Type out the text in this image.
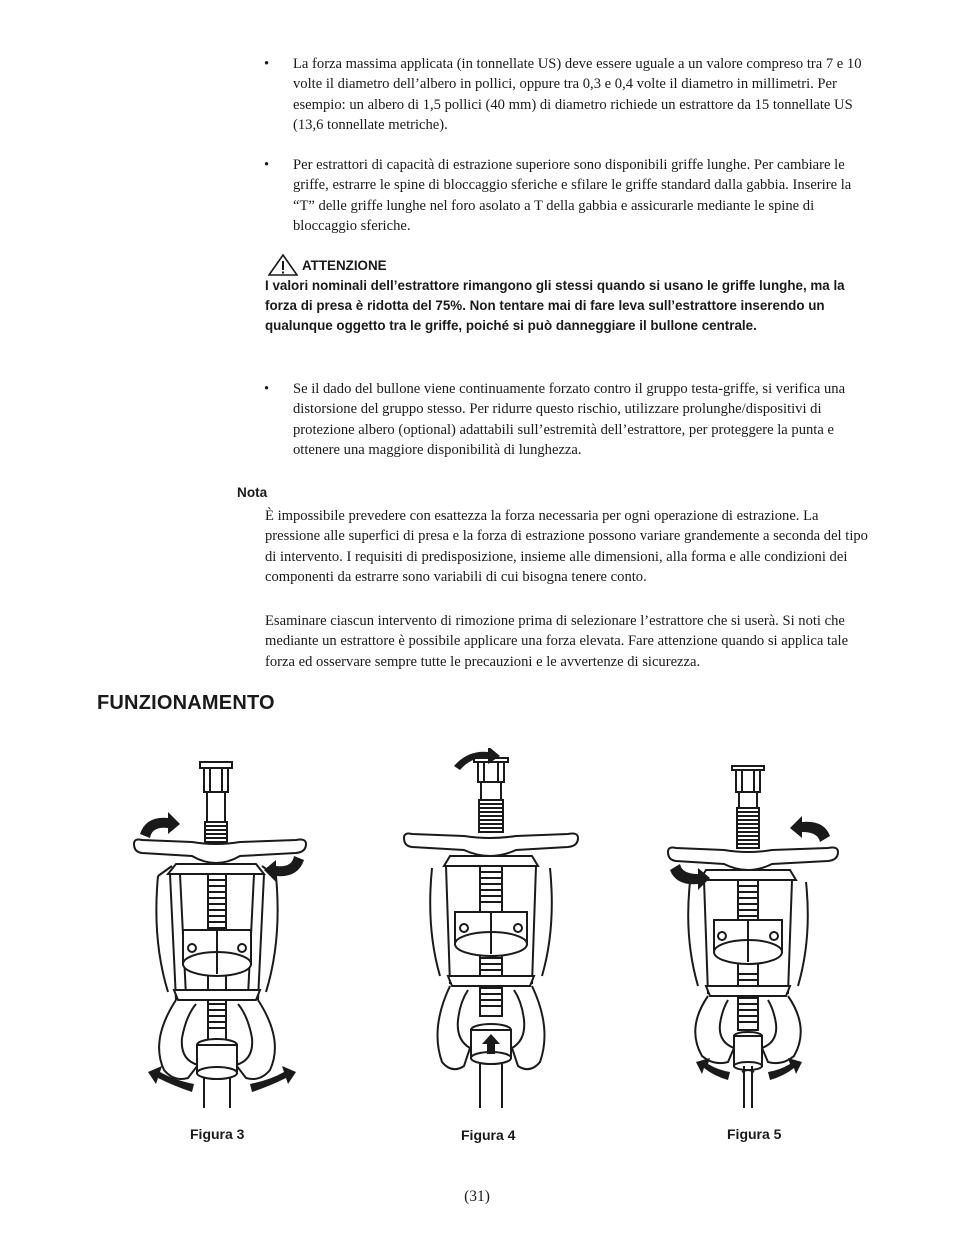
• La forza massima applicata (in tonnellate US) deve essere uguale a un valore compreso tra 7 e 10 volte il diametro dell’albero in pollici, oppure tra 0,3 e 0,4 volte il diametro in millimetri. Per esempio: un albero di 1,5 pollici (40 mm) di diametro richiede un estrattore da 15 tonnellate US (13,6 tonnellate metriche).
• Per estrattori di capacità di estrazione superiore sono disponibili griffe lunghe. Per cambiare le griffe, estrarre le spine di bloccaggio sferiche e sfilare le griffe standard dalla gabbia. Inserire la “T” delle griffe lunghe nel foro asolato a T della gabbia e assicurarle mediante le spine di bloccaggio sferiche.
ATTENZIONE
I valori nominali dell’estrattore rimangono gli stessi quando si usano le griffe lunghe, ma la forza di presa è ridotta del 75%. Non tentare mai di fare leva sull’estrattore inserendo un qualunque oggetto tra le griffe, poiché si può danneggiare il bullone centrale.
• Se il dado del bullone viene continuamente forzato contro il gruppo testa-griffe, si verifica una distorsione del gruppo stesso. Per ridurre questo rischio, utilizzare prolunghe/dispositivi di protezione albero (optional) adattabili sull’estremità dell’estrattore, per proteggere la punta e ottenere una maggiore disponibilità di lunghezza.
Nota
È impossibile prevedere con esattezza la forza necessaria per ogni operazione di estrazione. La pressione alle superfici di presa e la forza di estrazione possono variare grandemente a seconda del tipo di intervento. I requisiti di predisposizione, insieme alle dimensioni, alla forma e alle condizioni dei componenti da estrarre sono variabili di cui bisogna tenere conto.
Esaminare ciascun intervento di rimozione prima di selezionare l’estrattore che si userà. Si noti che mediante un estrattore è possibile applicare una forza elevata. Fare attenzione quando si applica tale forza ed osservare sempre tutte le precauzioni e le avvertenze di sicurezza.
FUNZIONAMENTO
Figura 3	Figura 4	Figura 5
(31)
